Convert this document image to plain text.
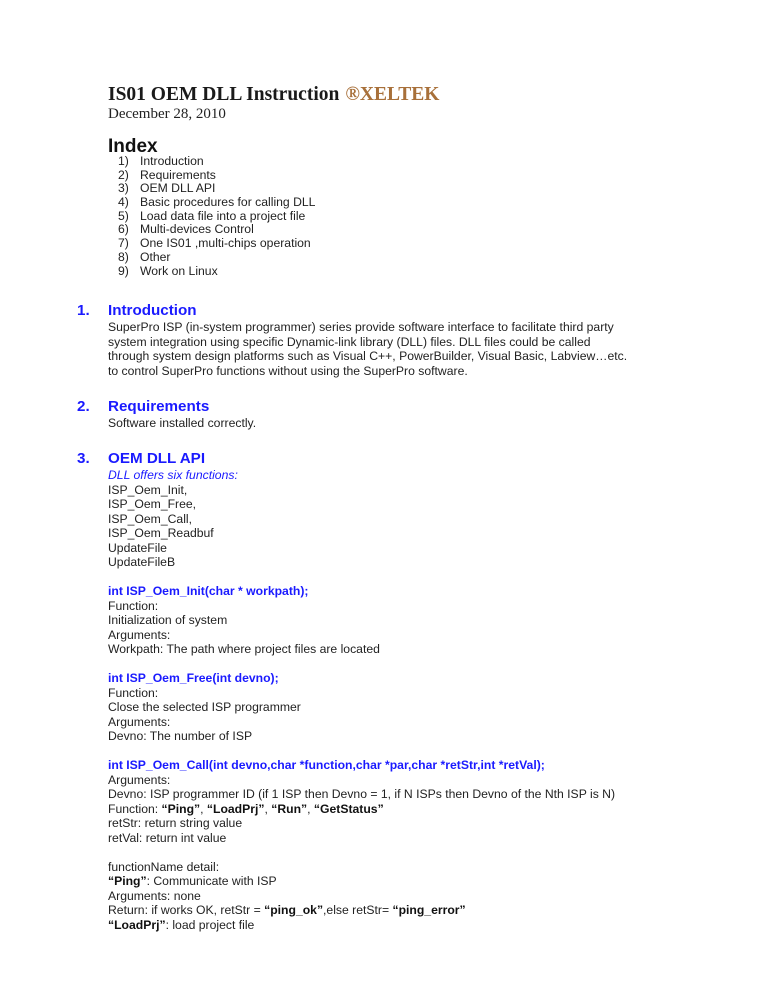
IS01 OEM DLL Instruction ®XELTEK
December 28, 2010
Index
1) Introduction
2) Requirements
3) OEM DLL API
4) Basic procedures for calling DLL
5) Load data file into a project file
6) Multi-devices Control
7) One IS01 ,multi-chips operation
8) Other
9) Work on Linux
1. Introduction
SuperPro ISP (in-system programmer) series provide software interface to facilitate third party
system integration using specific Dynamic-link library (DLL) files. DLL files could be called
through system design platforms such as Visual C++, PowerBuilder, Visual Basic, Labview…etc.
to control SuperPro functions without using the SuperPro software.
2. Requirements
Software installed correctly.
3. OEM DLL API
DLL offers six functions:
ISP_Oem_Init,
ISP_Oem_Free,
ISP_Oem_Call,
ISP_Oem_Readbuf
UpdateFile
UpdateFileB
int ISP_Oem_Init(char * workpath);
Function:
Initialization of system
Arguments:
Workpath: The path where project files are located
int ISP_Oem_Free(int devno);
Function:
Close the selected ISP programmer
Arguments:
Devno: The number of ISP
int ISP_Oem_Call(int devno,char *function,char *par,char *retStr,int *retVal);
Arguments:
Devno: ISP programmer ID (if 1 ISP then Devno = 1, if N ISPs then Devno of the Nth ISP is N)
Function: “Ping”, “LoadPrj”, “Run”, “GetStatus”
retStr: return string value
retVal: return int value
functionName detail:
“Ping”: Communicate with ISP
Arguments: none
Return: if works OK, retStr = “ping_ok”,else retStr= “ping_error”
“LoadPrj”: load project file
